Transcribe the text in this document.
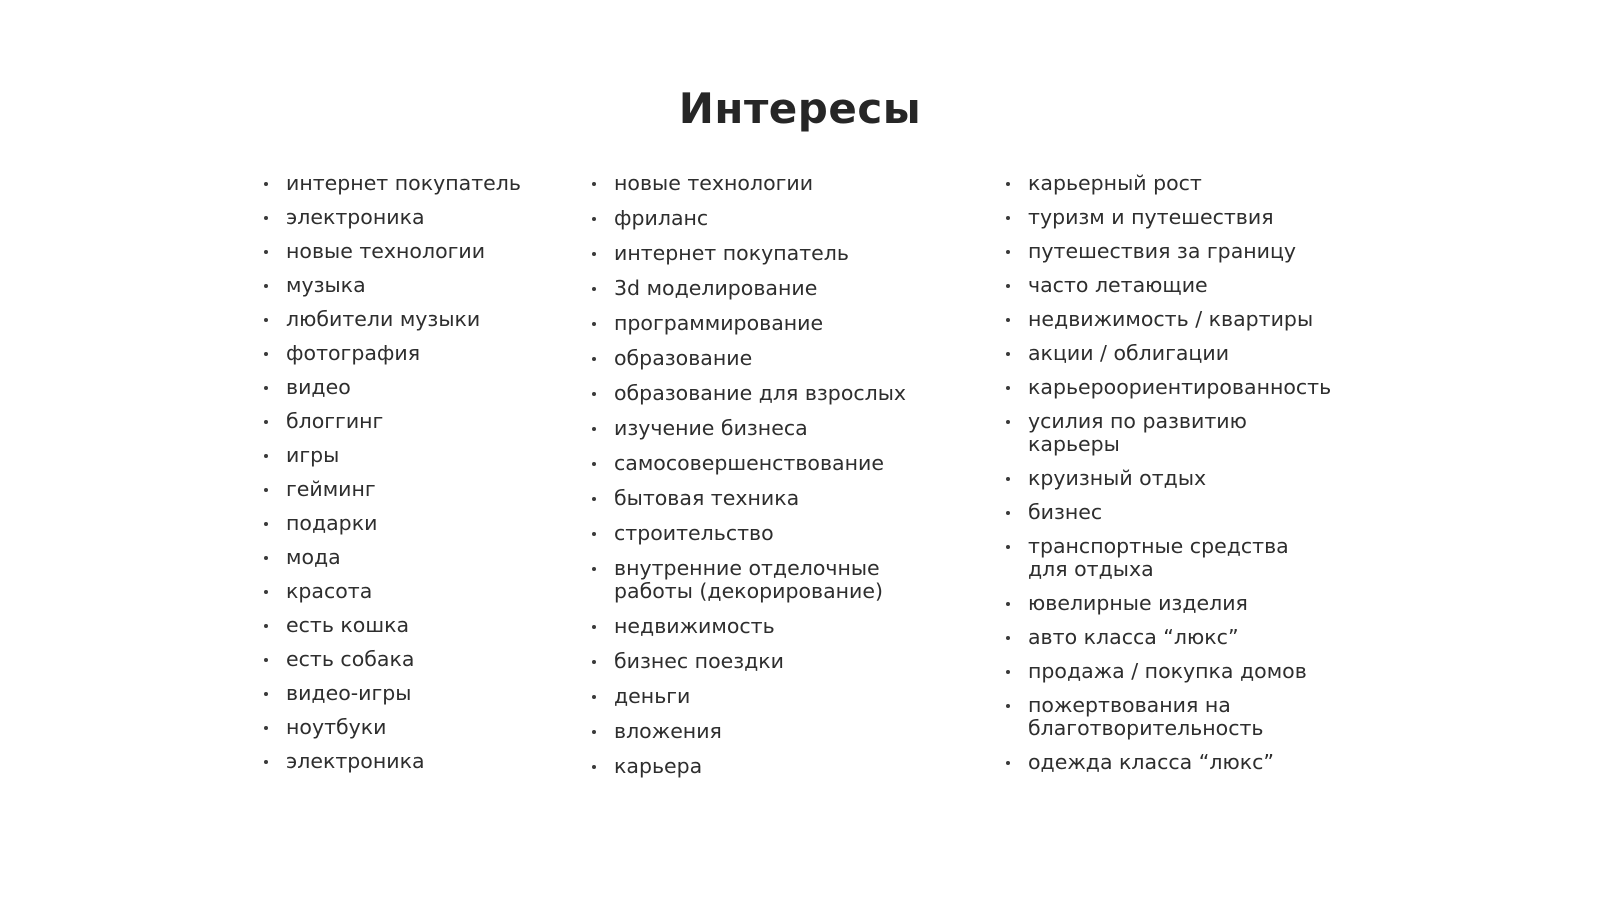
Интересы
интернет покупатель
электроника
новые технологии
музыка
любители музыки
фотография
видео
блоггинг
игры
гейминг
подарки
мода
красота
есть кошка
есть собака
видео-игры
ноутбуки
электроника
новые технологии
фриланс
интернет покупатель
3d моделирование
программирование
образование
образование для взрослых
изучение бизнеса
самосовершенствование
бытовая техника
строительство
внутренние отделочные работы (декорирование)
недвижимость
бизнес поездки
деньги
вложения
карьера
карьерный рост
туризм и путешествия
путешествия за границу
часто летающие
недвижимость / квартиры
акции / облигации
карьероориентированность
усилия по развитию карьеры
круизный отдых
бизнес
транспортные средства для отдыха
ювелирные изделия
авто класса “люкс”
продажа / покупка домов
пожертвования на благотворительность
одежда класса “люкс”
